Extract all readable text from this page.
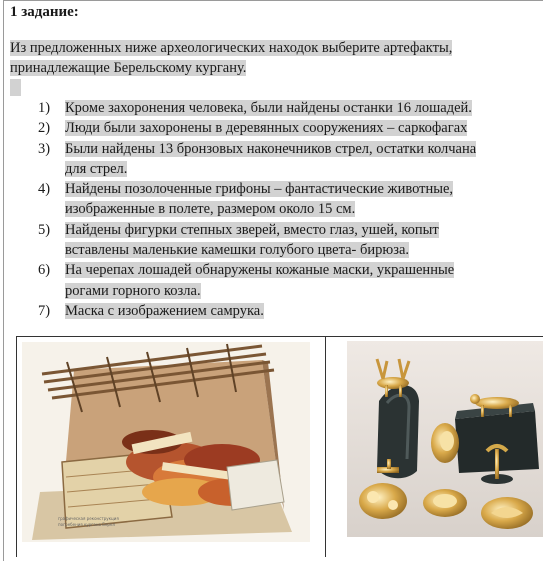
1 задание:
Из предложенных ниже археологических находок выберите артефакты,
принадлежащие Берельскому кургану.
1) Кроме захоронения человека, были найдены останки 16 лошадей.
2) Люди были захоронены в деревянных сооружениях – саркофагах
3) Были найдены 13 бронзовых наконечников стрел, остатки колчана
для стрел.
4) Найдены позолоченные грифоны – фантастические животные,
изображенные в полете, размером около 15 см.
5) Найдены фигурки степных зверей, вместо глаз, ушей, копыт
вставлены маленькие камешки голубого цвета- бирюза.
6) На черепах лошадей обнаружены кожаные маски, украшенные
рогами горного козла.
7) Маска с изображением самрука.
графическая реконструкция
погребения кургана Берел
